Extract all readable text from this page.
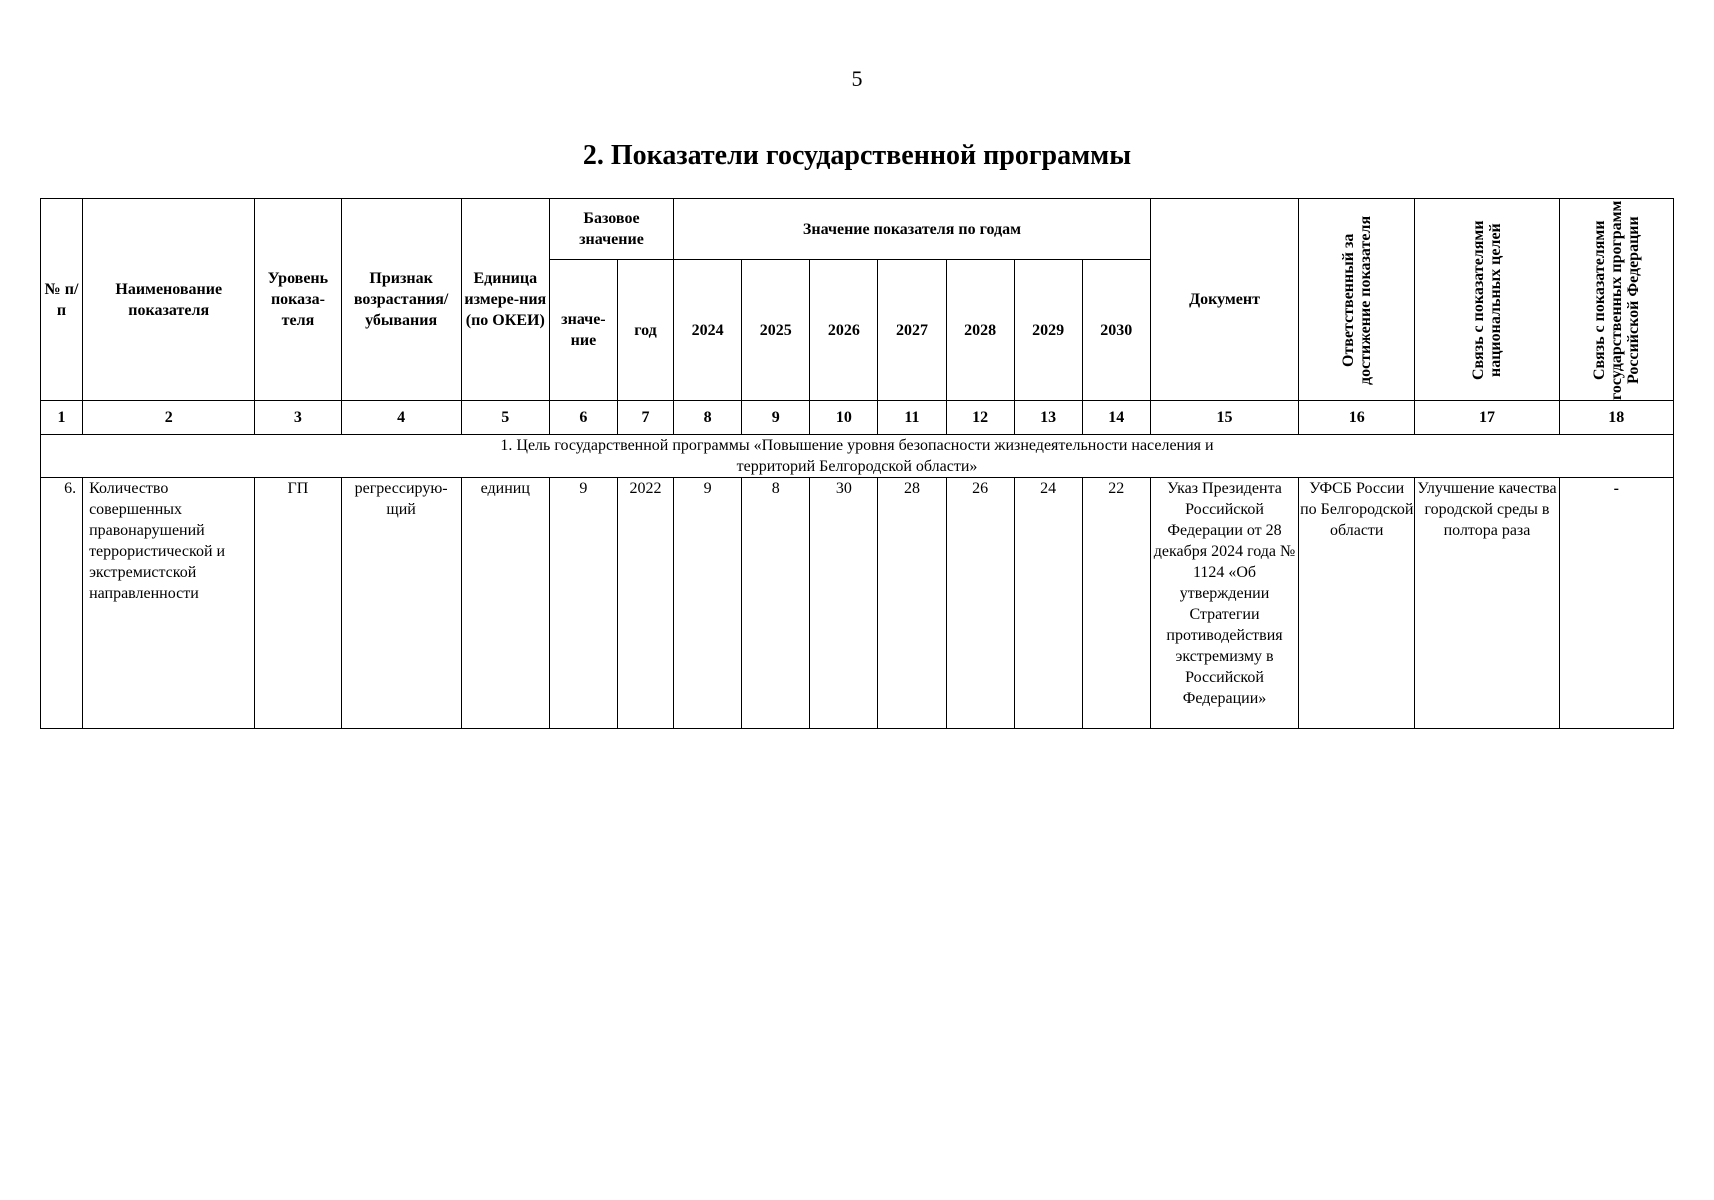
5
2. Показатели государственной программы
№ п/п	Наименование показателя	Уровень показа-теля	Признак возрастания/ убывания	Единица измере-ния (по ОКЕИ)	Базовое значение		Значение показателя по годам							Документ	Ответственный за достижение показателя	Связь с показателями национальных целей	Связь с показателями государственных программ Российской Федерации

					значе-ние	год	2024	2025	2026	2027	2028	2029	2030				
1	2	3	4	5	6	7	8	9	10	11	12	13	14	15	16	17	18
1. Цель государственной программы «Повышение уровня безопасности жизнедеятельности населения и территорий Белгородской области»																	
6.	Количество совершенных правонарушений террористической и экстремистской направленности	ГП	регрессирую-щий	единиц	9	2022	9	8	30	28	26	24	22	Указ Президента Российской Федерации от 28 декабря 2024 года № 1124 «Об утверждении Стратегии противодействия экстремизму в Российской Федерации»	УФСБ России по Белгородской области	Улучшение качества городской среды в полтора раза	-
